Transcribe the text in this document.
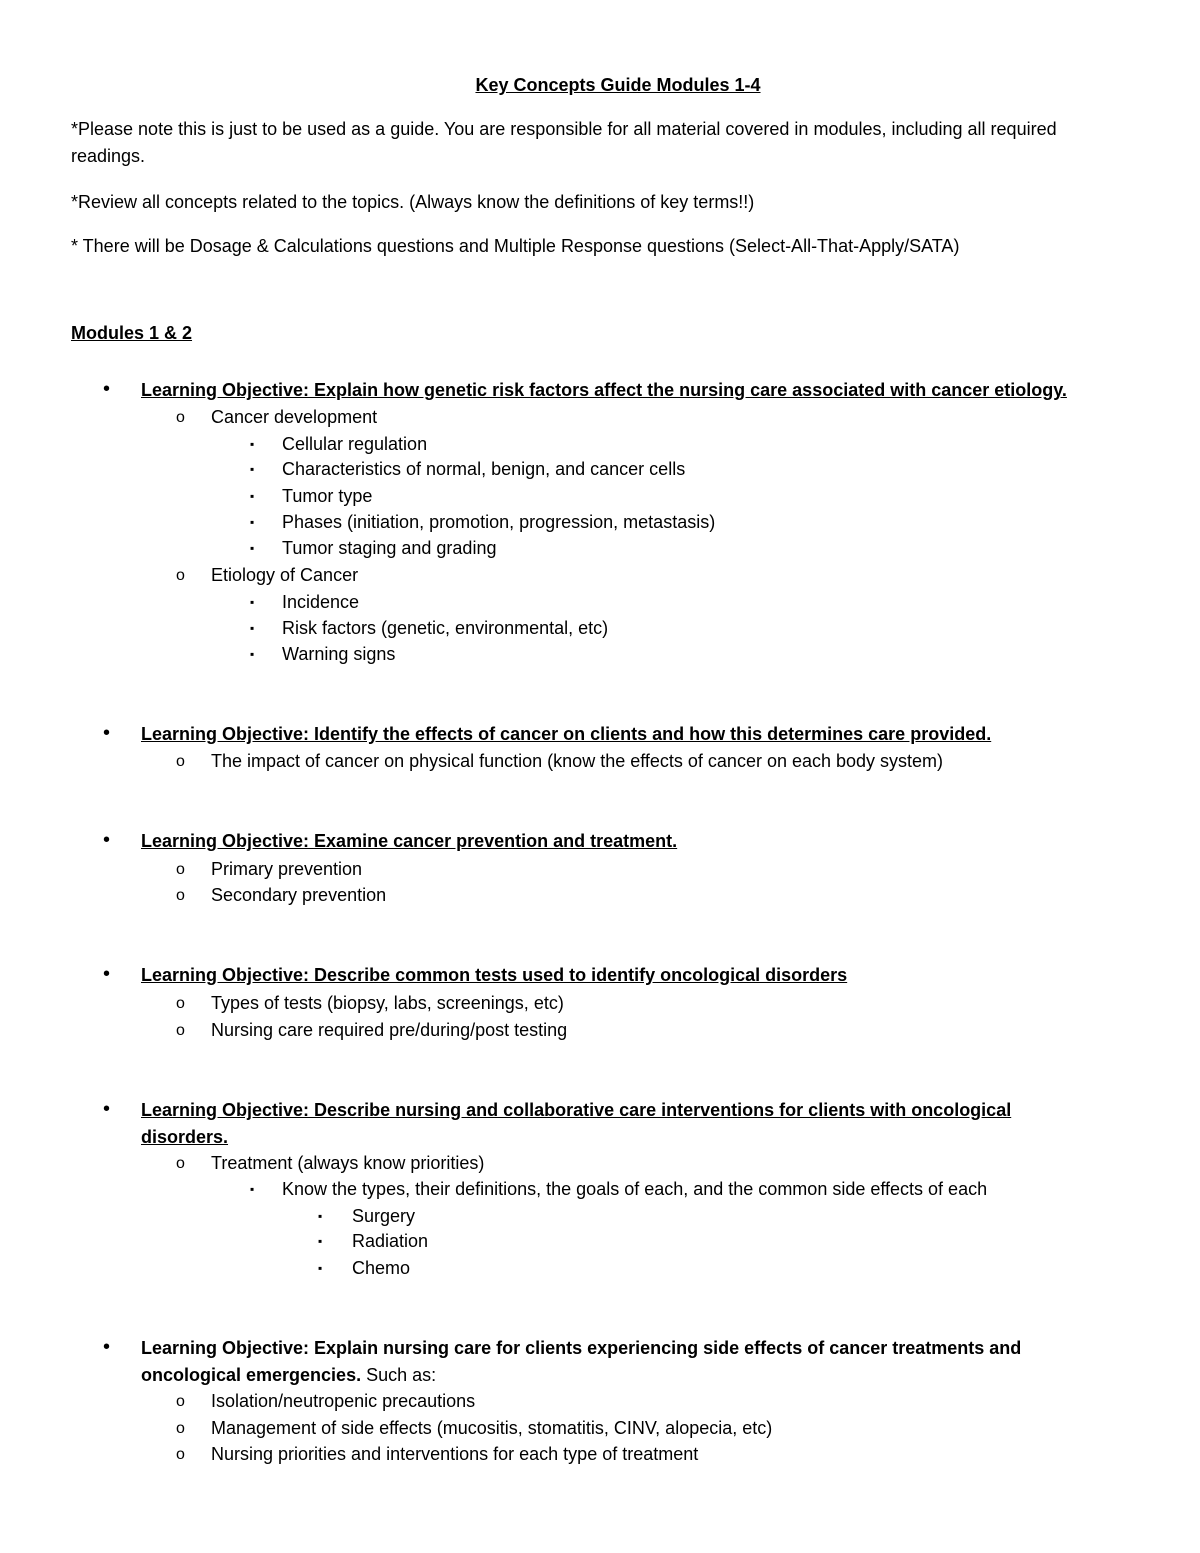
Key Concepts Guide Modules 1-4
*Please note this is just to be used as a guide. You are responsible for all material covered in modules, including all required readings.
*Review all concepts related to the topics. (Always know the definitions of key terms!!)
* There will be Dosage & Calculations questions and Multiple Response questions (Select-All-That-Apply/SATA)
Modules 1 & 2
• Learning Objective: Explain how genetic risk factors affect the nursing care associated with cancer etiology.
o Cancer development
▪ Cellular regulation
▪ Characteristics of normal, benign, and cancer cells
▪ Tumor type
▪ Phases (initiation, promotion, progression, metastasis)
▪ Tumor staging and grading
o Etiology of Cancer
▪ Incidence
▪ Risk factors (genetic, environmental, etc)
▪ Warning signs
• Learning Objective: Identify the effects of cancer on clients and how this determines care provided.
o The impact of cancer on physical function (know the effects of cancer on each body system)
• Learning Objective: Examine cancer prevention and treatment.
o Primary prevention
o Secondary prevention
• Learning Objective: Describe common tests used to identify oncological disorders
o Types of tests (biopsy, labs, screenings, etc)
o Nursing care required pre/during/post testing
• Learning Objective: Describe nursing and collaborative care interventions for clients with oncological disorders.
o Treatment (always know priorities)
▪ Know the types, their definitions, the goals of each, and the common side effects of each
▪ Surgery
▪ Radiation
▪ Chemo
• Learning Objective: Explain nursing care for clients experiencing side effects of cancer treatments and oncological emergencies. Such as:
o Isolation/neutropenic precautions
o Management of side effects (mucositis, stomatitis, CINV, alopecia, etc)
o Nursing priorities and interventions for each type of treatment
